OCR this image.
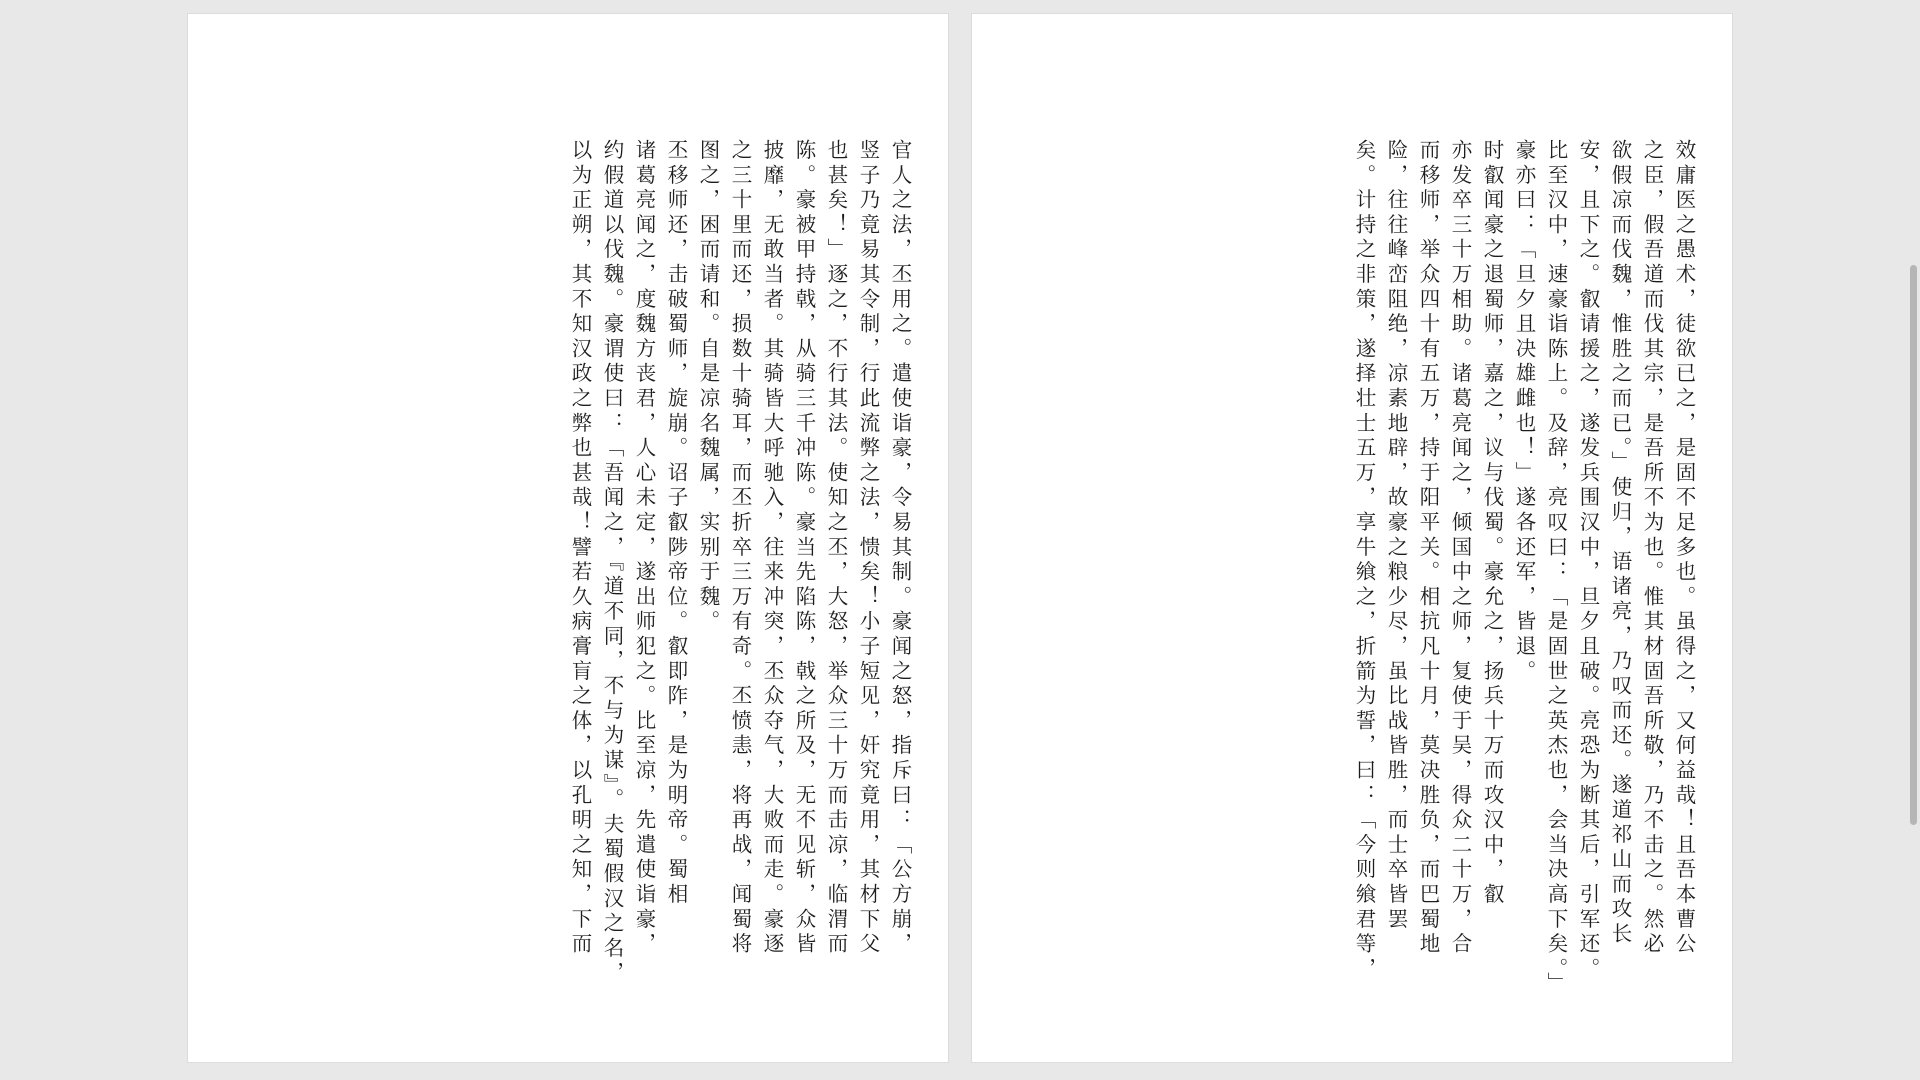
官人之法，丕用之。遣使诣豪，令易其制。豪闻之怒，指斥曰：「公方崩，
竖子乃竟易其令制，行此流弊之法，愦矣！小子短见，奸究竟用，其材下父
也甚矣！」逐之，不行其法。使知之丕，大怒，举众三十万而击凉，临渭而
陈。豪被甲持戟，从骑三千冲陈。豪当先陷陈，戟之所及，无不见斩，众皆
披靡，无敢当者。其骑皆大呼驰入，往来冲突，丕众夺气，大败而走。豪逐
之三十里而还，损数十骑耳，而丕折卒三万有奇。丕愤恚，将再战，闻蜀将
图之，困而请和。自是凉名魏属，实别于魏。
丕移师还，击破蜀师，旋崩。诏子叡陟帝位。叡即阼，是为明帝。蜀相
诸葛亮闻之，度魏方丧君，人心未定，遂出师犯之。比至凉，先遣使诣豪，
约假道以伐魏。豪谓使曰：「吾闻之，『道不同，不与为谋』。夫蜀假汉之名，
以为正朔，其不知汉政之弊也甚哉！譬若久病膏肓之体，以孔明之知，下而	效庸医之愚术，徒欲已之，是固不足多也。虽得之，又何益哉！且吾本曹公
之臣，假吾道而伐其宗，是吾所不为也。惟其材固吾所敬，乃不击之。然必
欲假凉而伐魏，惟胜之而已。」使归，语诸亮，乃叹而还。遂道祁山而攻长
安，且下之。叡请援之，遂发兵围汉中，旦夕且破。亮恐为断其后，引军还。
比至汉中，速豪诣陈上。及辞，亮叹曰：「是固世之英杰也，会当决高下矣。」
豪亦曰：「旦夕且决雄雌也！」遂各还军，皆退。
时叡闻豪之退蜀师，嘉之，议与伐蜀。豪允之，扬兵十万而攻汉中，叡
亦发卒三十万相助。诸葛亮闻之，倾国中之师，复使于吴，得众二十万，合
而移师，举众四十有五万，持于阳平关。相抗凡十月，莫决胜负，而巴蜀地
险，往往峰峦阻绝，凉素地辟，故豪之粮少尽，虽比战皆胜，而士卒皆罢
矣。计持之非策，遂择壮士五万，享牛飨之，折箭为誓，曰：「今则飨君等，
